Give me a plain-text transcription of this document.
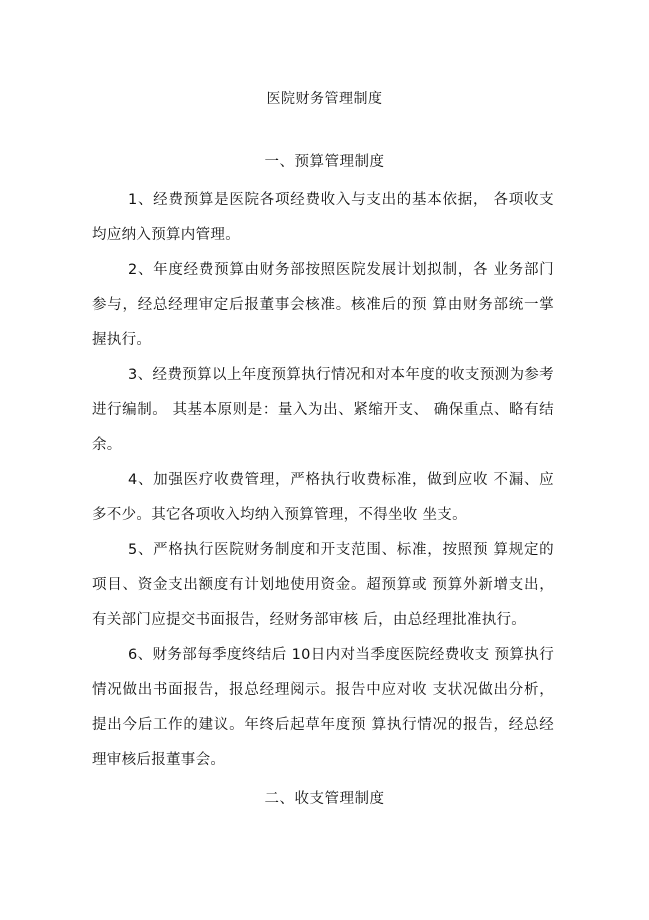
医院财务管理制度
一、预算管理制度

1、经费预算是医院各项经费收入与支出的基本依据， 各项收支均应纳入预算内管理。

2、年度经费预算由财务部按照医院发展计划拟制，各 业务部门参与，经总经理审定后报董事会核准。核准后的预 算由财务部统一掌握执行。

3、经费预算以上年度预算执行情况和对本年度的收支预测为参考进行编制。 其基本原则是：量入为出、紧缩开支、 确保重点、略有结余。

4、加强医疗收费管理，严格执行收费标准，做到应收 不漏、应多不少。其它各项收入均纳入预算管理，不得坐收 坐支。

5、严格执行医院财务制度和开支范围、标准，按照预 算规定的项目、资金支出额度有计划地使用资金。超预算或 预算外新增支出，有关部门应提交书面报告，经财务部审核 后，由总经理批准执行。

6、财务部每季度终结后 10日内对当季度医院经费收支 预算执行情况做出书面报告，报总经理阅示。报告中应对收 支状况做出分析，提出今后工作的建议。年终后起草年度预 算执行情况的报告，经总经理审核后报董事会。

二、收支管理制度
